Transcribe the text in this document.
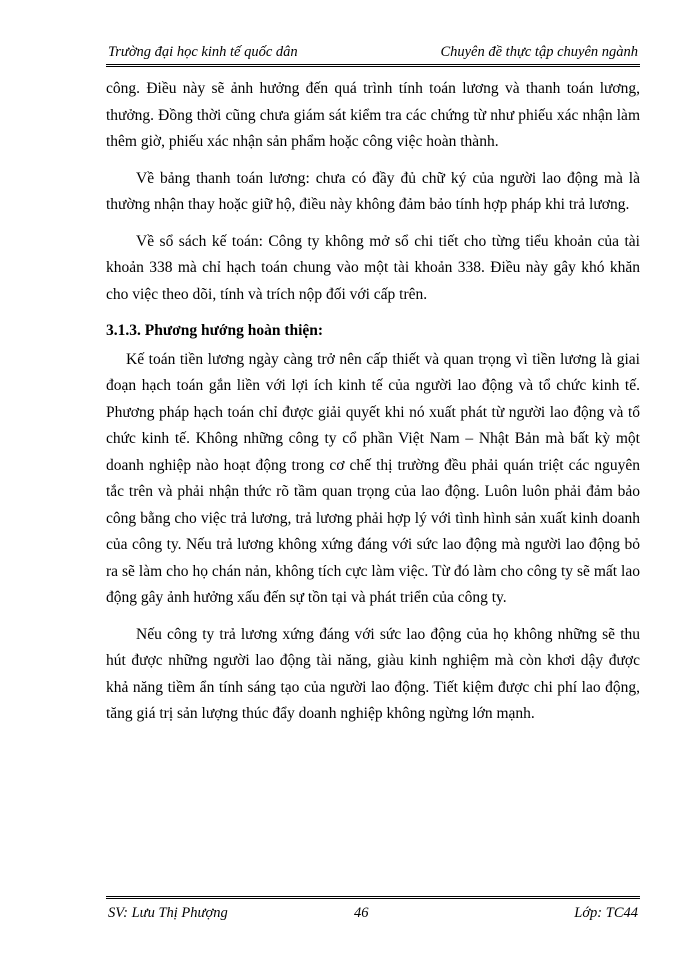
Trường đại học kinh tế quốc dân	Chuyên đề thực tập chuyên ngành

công. Điều này sẽ ảnh hưởng đến quá trình tính toán lương và thanh toán lương, thưởng. Đồng thời cũng chưa giám sát kiểm tra các chứng từ như phiếu xác nhận làm thêm giờ, phiếu xác nhận sản phẩm hoặc công việc hoàn thành.

Về bảng thanh toán lương: chưa có đầy đủ chữ ký của người lao động mà là thường nhận thay hoặc giữ hộ, điều này không đảm bảo tính hợp pháp khi trả lương.

Về sổ sách kế toán: Công ty không mở sổ chi tiết cho từng tiểu khoản của tài khoản 338 mà chỉ hạch toán chung vào một tài khoản 338. Điều này gây khó khăn cho việc theo dõi, tính và trích nộp đối với cấp trên.

3.1.3. Phương hướng hoàn thiện:

Kế toán tiền lương ngày càng trở nên cấp thiết và quan trọng vì tiền lương là giai đoạn hạch toán gắn liền với lợi ích kinh tế của người lao động và tổ chức kinh tế. Phương pháp hạch toán chỉ được giải quyết khi nó xuất phát từ người lao động và tổ chức kinh tế. Không những công ty cổ phần Việt Nam – Nhật Bản mà bất kỳ một doanh nghiệp nào hoạt động trong cơ chế thị trường đều phải quán triệt các nguyên tắc trên và phải nhận thức rõ tầm quan trọng của lao động. Luôn luôn phải đảm bảo công bằng cho việc trả lương, trả lương phải hợp lý với tình hình sản xuất kinh doanh của công ty. Nếu trả lương không xứng đáng với sức lao động mà người lao động bỏ ra sẽ làm cho họ chán nản, không tích cực làm việc. Từ đó làm cho công ty sẽ mất lao động gây ảnh hưởng xấu đến sự tồn tại và phát triển của công ty.

Nếu công ty trả lương xứng đáng với sức lao động của họ không những sẽ thu hút được những người lao động tài năng, giàu kinh nghiệm mà còn khơi dậy được khả năng tiềm ẩn tính sáng tạo của người lao động. Tiết kiệm được chi phí lao động, tăng giá trị sản lượng thúc đẩy doanh nghiệp không ngừng lớn mạnh.

SV: Lưu Thị Phượng	46	Lớp: TC44
